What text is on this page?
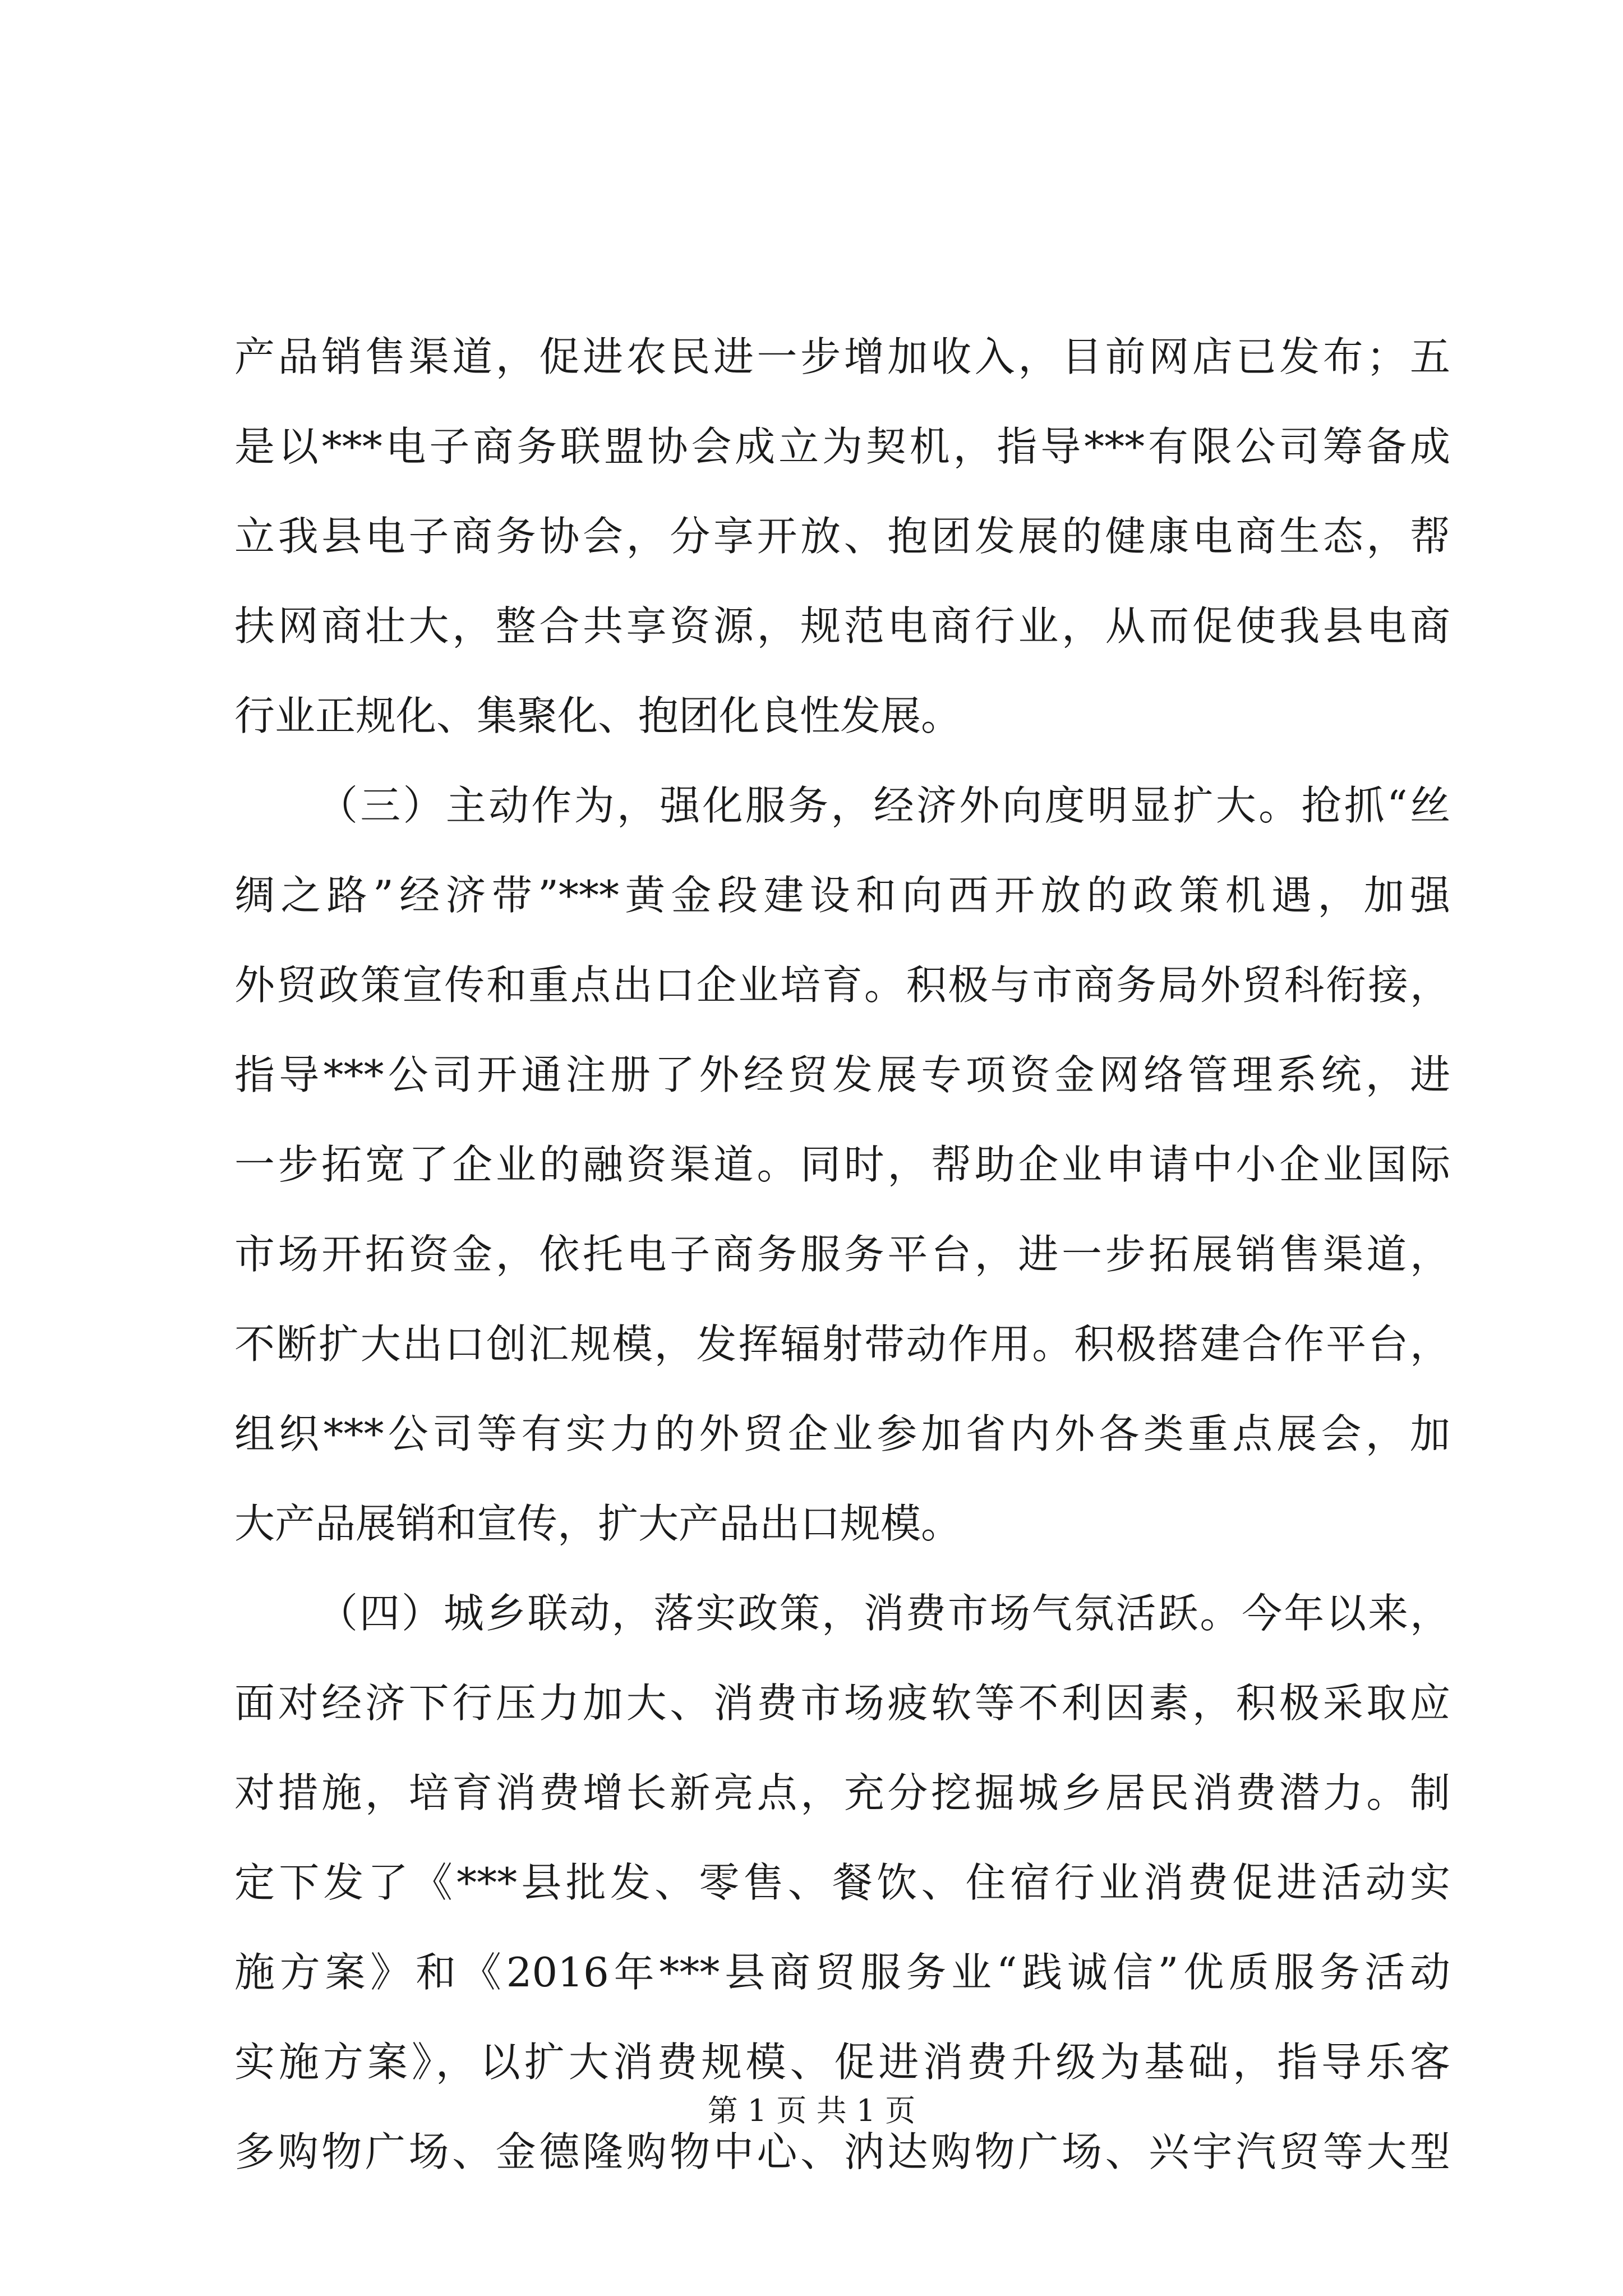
产品销售渠道，促进农民进一步增加收入，目前网店已发布；五
是以***电子商务联盟协会成立为契机，指导***有限公司筹备成
立我县电子商务协会，分享开放、抱团发展的健康电商生态，帮
扶网商壮大，整合共享资源，规范电商行业，从而促使我县电商
行业正规化、集聚化、抱团化良性发展。
（三）主动作为，强化服务，经济外向度明显扩大。抢抓“丝
绸之路”经济带”***黄金段建设和向西开放的政策机遇，加强
外贸政策宣传和重点出口企业培育。积极与市商务局外贸科衔接，
指导***公司开通注册了外经贸发展专项资金网络管理系统，进
一步拓宽了企业的融资渠道。同时，帮助企业申请中小企业国际
市场开拓资金，依托电子商务服务平台，进一步拓展销售渠道，
不断扩大出口创汇规模，发挥辐射带动作用。积极搭建合作平台，
组织***公司等有实力的外贸企业参加省内外各类重点展会，加
大产品展销和宣传，扩大产品出口规模。
（四）城乡联动，落实政策，消费市场气氛活跃。今年以来，
面对经济下行压力加大、消费市场疲软等不利因素，积极采取应
对措施，培育消费增长新亮点，充分挖掘城乡居民消费潜力。制
定下发了《***县批发、零售、餐饮、住宿行业消费促进活动实
施方案》和《2016年***县商贸服务业“践诚信”优质服务活动
实施方案》，以扩大消费规模、促进消费升级为基础，指导乐客
多购物广场、金德隆购物中心、汭达购物广场、兴宇汽贸等大型
第 1 页 共 1 页
